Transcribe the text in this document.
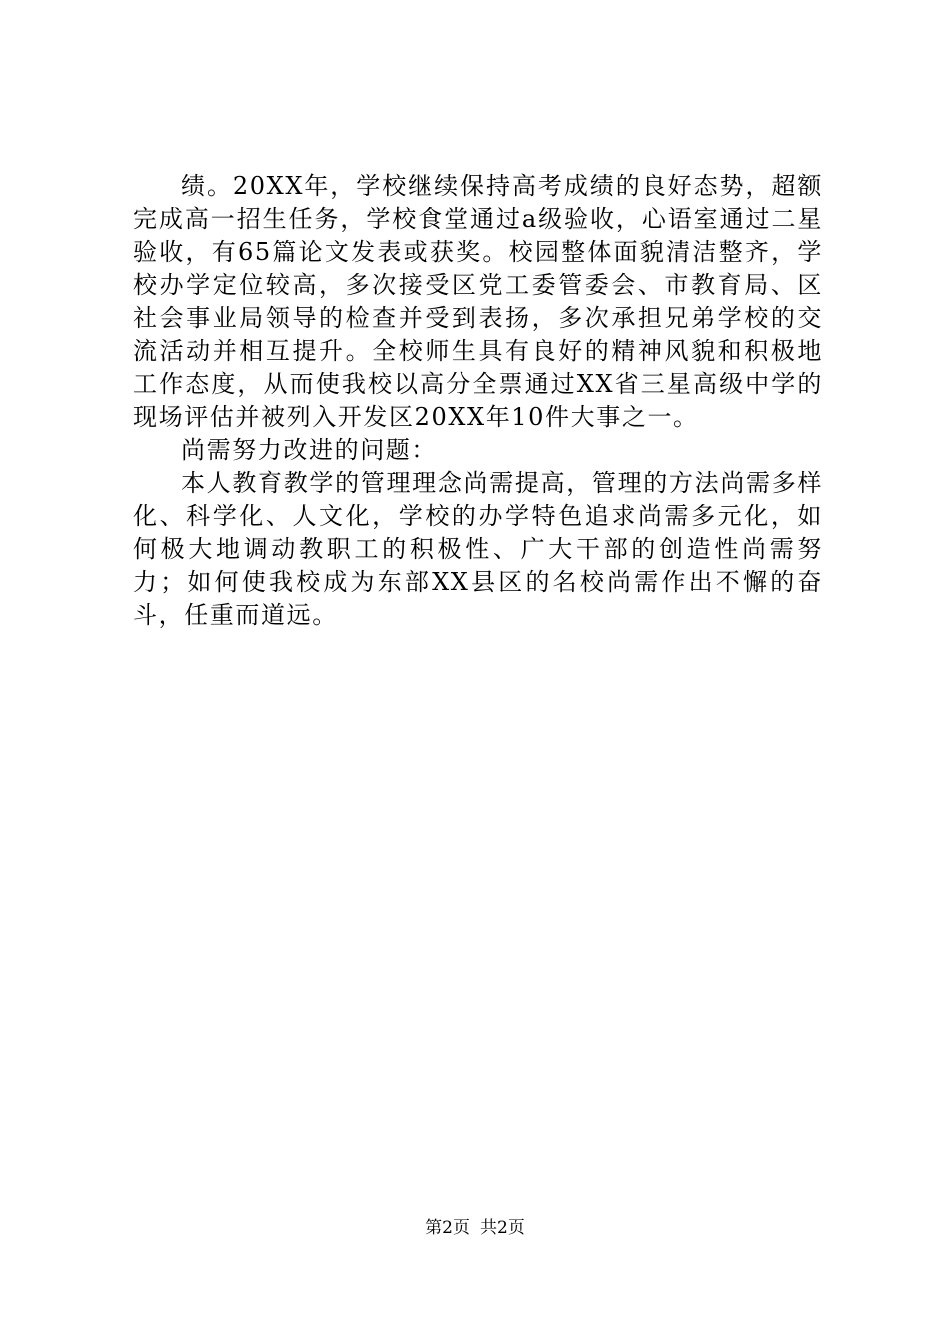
绩。20XX年，学校继续保持高考成绩的良好态势，超额完成高一招生任务，学校食堂通过a级验收，心语室通过二星验收，有65篇论文发表或获奖。校园整体面貌清洁整齐，学校办学定位较高，多次接受区党工委管委会、市教育局、区社会事业局领导的检查并受到表扬，多次承担兄弟学校的交流活动并相互提升。全校师生具有良好的精神风貌和积极地工作态度，从而使我校以高分全票通过XX省三星高级中学的现场评估并被列入开发区20XX年10件大事之一。

尚需努力改进的问题：

本人教育教学的管理理念尚需提高，管理的方法尚需多样化、科学化、人文化，学校的办学特色追求尚需多元化，如何极大地调动教职工的积极性、广大干部的创造性尚需努力；如何使我校成为东部XX县区的名校尚需作出不懈的奋斗，任重而道远。

第2页 共2页
